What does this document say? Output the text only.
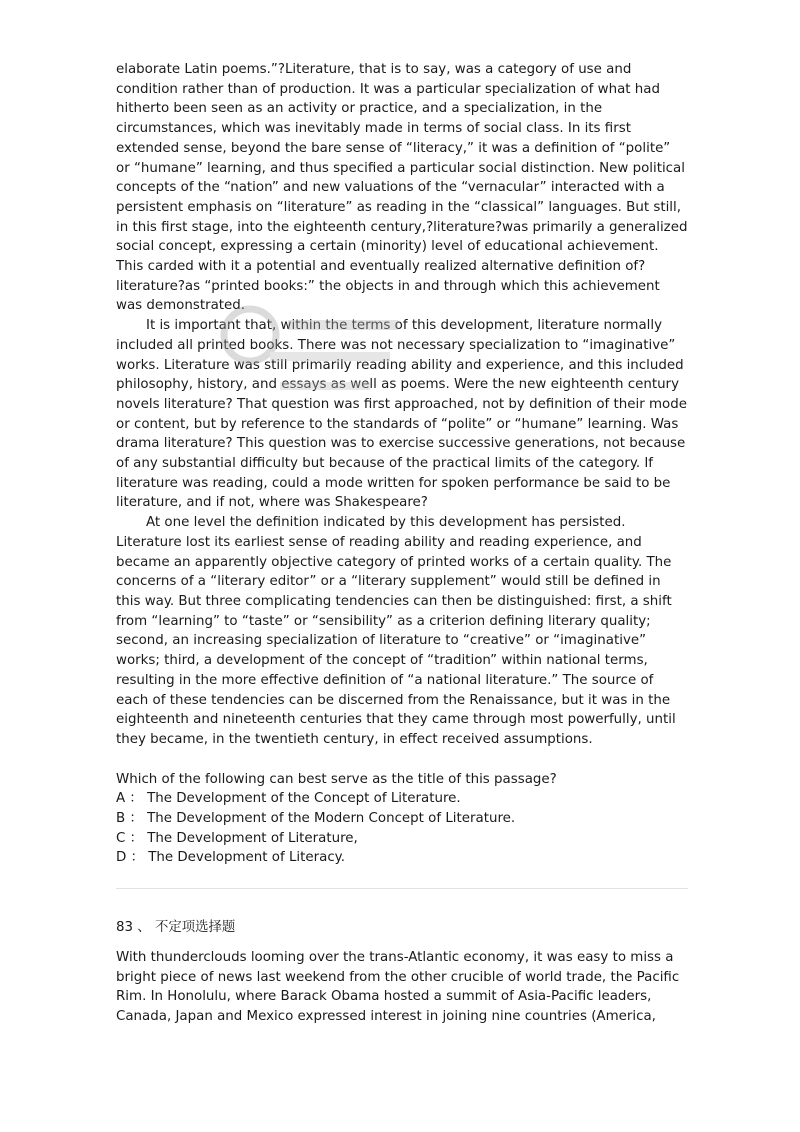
elaborate Latin poems.”?Literature, that is to say, was a category of use and condition rather than of production. It was a particular specialization of what had hitherto been seen as an activity or practice, and a specialization, in the circumstances, which was inevitably made in terms of social class. In its first extended sense, beyond the bare sense of “literacy,” it was a definition of “polite” or “humane” learning, and thus specified a particular social distinction. New political concepts of the “nation” and new valuations of the “vernacular” interacted with a persistent emphasis on “literature” as reading in the “classical” languages. But still, in this first stage, into the eighteenth century,?literature?was primarily a generalized social concept, expressing a certain (minority) level of educational achievement. This carded with it a potential and eventually realized alternative definition of?literature?as “printed books:” the objects in and through which this achievement was demonstrated.

It is important that, within the terms of this development, literature normally included all printed books. There was not necessary specialization to “imaginative” works. Literature was still primarily reading ability and experience, and this included philosophy, history, and essays as well as poems. Were the new eighteenth century novels literature? That question was first approached, not by definition of their mode or content, but by reference to the standards of “polite” or “humane” learning. Was drama literature? This question was to exercise successive generations, not because of any substantial difficulty but because of the practical limits of the category. If literature was reading, could a mode written for spoken performance be said to be literature, and if not, where was Shakespeare?

At one level the definition indicated by this development has persisted. Literature lost its earliest sense of reading ability and reading experience, and became an apparently objective category of printed works of a certain quality. The concerns of a “literary editor” or a “literary supplement” would still be defined in this way. But three complicating tendencies can then be distinguished: first, a shift from “learning” to “taste” or “sensibility” as a criterion defining literary quality; second, an increasing specialization of literature to “creative” or “imaginative” works; third, a development of the concept of “tradition” within national terms, resulting in the more effective definition of “a national literature.” The source of each of these tendencies can be discerned from the Renaissance, but it was in the eighteenth and nineteenth centuries that they came through most powerfully, until they became, in the twentieth century, in effect received assumptions.

Which of the following can best serve as the title of this passage?

A ： The Development of the Concept of Literature.
B ： The Development of the Modern Concept of Literature.
C ： The Development of Literature,
D ： The Development of Literacy.

83 、 不定项选择题

With thunderclouds looming over the trans-Atlantic economy, it was easy to miss a bright piece of news last weekend from the other crucible of world trade, the Pacific Rim. In Honolulu, where Barack Obama hosted a summit of Asia-Pacific leaders, Canada, Japan and Mexico expressed interest in joining nine countries (America,
